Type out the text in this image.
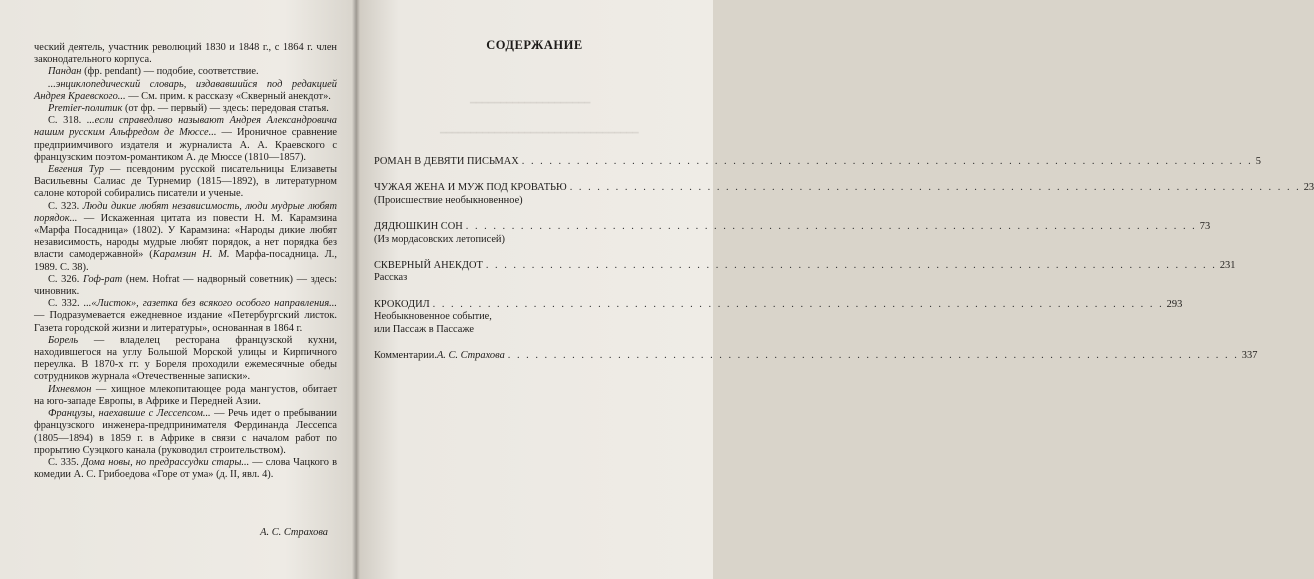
ческий деятель, участник революций 1830 и 1848 г., с 1864 г. член законодательного корпуса.

Пандан (фр. pendant) — подобие, соответствие.

...энциклопедический словарь, издававшийся под редакцией Андрея Краевского... — См. прим. к рассказу «Скверный анекдот».

Premier-политик (от фр. — первый) — здесь: передовая статья.

С. 318. ...если справедливо называют Андрея Александровича нашим русским Альфредом де Мюссе... — Ироничное сравнение предприимчивого издателя и журналиста А. А. Краевского с французским поэтом-романтиком А. де Мюссе (1810—1857).

Евгения Тур — псевдоним русской писательницы Елизаветы Васильевны Салиас де Турнемир (1815—1892), в литературном салоне которой собирались писатели и ученые.

С. 323. Люди дикие любят независимость, люди мудрые любят порядок... — Искаженная цитата из повести Н. М. Карамзина «Марфа Посадница» (1802). У Карамзина: «Народы дикие любят независимость, народы мудрые любят порядок, а нет порядка без власти самодержавной» (Карамзин Н. М. Марфа-посадница. Л., 1989. С. 38).

С. 326. Гоф-рат (нем. Hofrat — надворный советник) — здесь: чиновник.

С. 332. ...«Листок», газетка без всякого особого направления... — Подразумевается ежедневное издание «Петербургский листок. Газета городской жизни и литературы», основанная в 1864 г.

Борель — владелец ресторана французской кухни, находившегося на углу Большой Морской улицы и Кирпичного переулка. В 1870-х гг. у Бореля проходили ежемесячные обеды сотрудников журнала «Отечественные записки».

Ихневмон — хищное млекопитающее рода мангустов, обитает на юго-западе Европы, в Африке и Передней Азии.

Французы, наехавшие с Лессепсом... — Речь идет о пребывании французского инженера-предпринимателя Фердинанда Лессепса (1805—1894) в 1859 г. в Африке в связи с началом работ по прорытию Суэцкого канала (руководил строительством).

С. 335. Дома новы, но предрассудки стары... — слова Чацкого в комедии А. С. Грибоедова «Горе от ума» (д. II, явл. 4).

А. С. Страхова
━━━━━━━━━━━━━━━━━━━━
━━━━━━━━━━━━━━━━━━━━━━━━━━━━━━━━━
СОДЕРЖАНИЕ
РОМАН В ДЕВЯТИ ПИСЬМАХ . . . . . . . . . . . . . . . . . . . . . . . . . . . . . . . . . . . . . . . . . . . . . . . . . . . . . . . . . . . . . . . . . . . . . . . . . . . . . . . . 5
ЧУЖАЯ ЖЕНА И МУЖ ПОД КРОВАТЬЮ . . . . . . . . . . . . . . . . . . . . . . . . . . . . . . . . . . . . . . . . . . . . . . . . . . . . . . . . . . . . . . . . . . . . . . . . . . . . . . . . 23
(Происшествие необыкновенное)
ДЯДЮШКИН СОН . . . . . . . . . . . . . . . . . . . . . . . . . . . . . . . . . . . . . . . . . . . . . . . . . . . . . . . . . . . . . . . . . . . . . . . . . . . . . . . . 73
(Из мордасовских летописей)
СКВЕРНЫЙ АНЕКДОТ . . . . . . . . . . . . . . . . . . . . . . . . . . . . . . . . . . . . . . . . . . . . . . . . . . . . . . . . . . . . . . . . . . . . . . . . . . . . . . . . 231
Рассказ
КРОКОДИЛ . . . . . . . . . . . . . . . . . . . . . . . . . . . . . . . . . . . . . . . . . . . . . . . . . . . . . . . . . . . . . . . . . . . . . . . . . . . . . . . . 293
Необыкновенное событие,
или Пассаж в Пассаже
Комментарии. А. С. Страхова . . . . . . . . . . . . . . . . . . . . . . . . . . . . . . . . . . . . . . . . . . . . . . . . . . . . . . . . . . . . . . . . . . . . . . . . . . . . . . . . 337
